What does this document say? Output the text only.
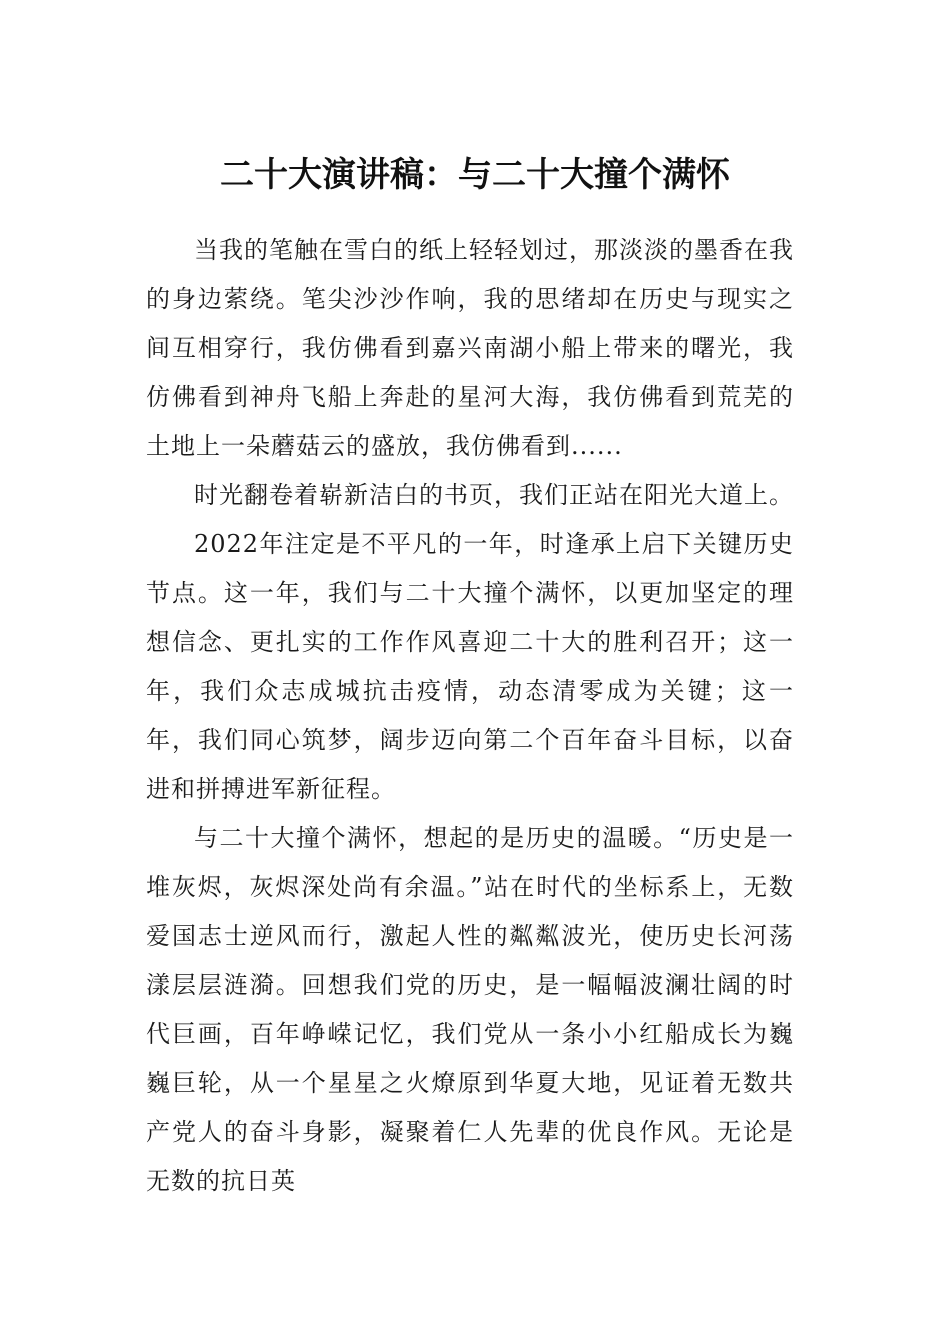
二十大演讲稿：与二十大撞个满怀

当我的笔触在雪白的纸上轻轻划过，那淡淡的墨香在我的身边萦绕。笔尖沙沙作响，我的思绪却在历史与现实之间互相穿行，我仿佛看到嘉兴南湖小船上带来的曙光，我仿佛看到神舟飞船上奔赴的星河大海，我仿佛看到荒芜的土地上一朵蘑菇云的盛放，我仿佛看到......

时光翻卷着崭新洁白的书页，我们正站在阳光大道上。

2022年注定是不平凡的一年，时逢承上启下关键历史节点。这一年，我们与二十大撞个满怀，以更加坚定的理想信念、更扎实的工作作风喜迎二十大的胜利召开；这一年，我们众志成城抗击疫情，动态清零成为关键；这一年，我们同心筑梦，阔步迈向第二个百年奋斗目标，以奋进和拼搏进军新征程。

与二十大撞个满怀，想起的是历史的温暖。“历史是一堆灰烬，灰烬深处尚有余温。”站在时代的坐标系上，无数爱国志士逆风而行，激起人性的粼粼波光，使历史长河荡漾层层涟漪。回想我们党的历史，是一幅幅波澜壮阔的时代巨画，百年峥嵘记忆，我们党从一条小小红船成长为巍巍巨轮，从一个星星之火燎原到华夏大地，见证着无数共产党人的奋斗身影，凝聚着仁人先辈的优良作风。无论是无数的抗日英
